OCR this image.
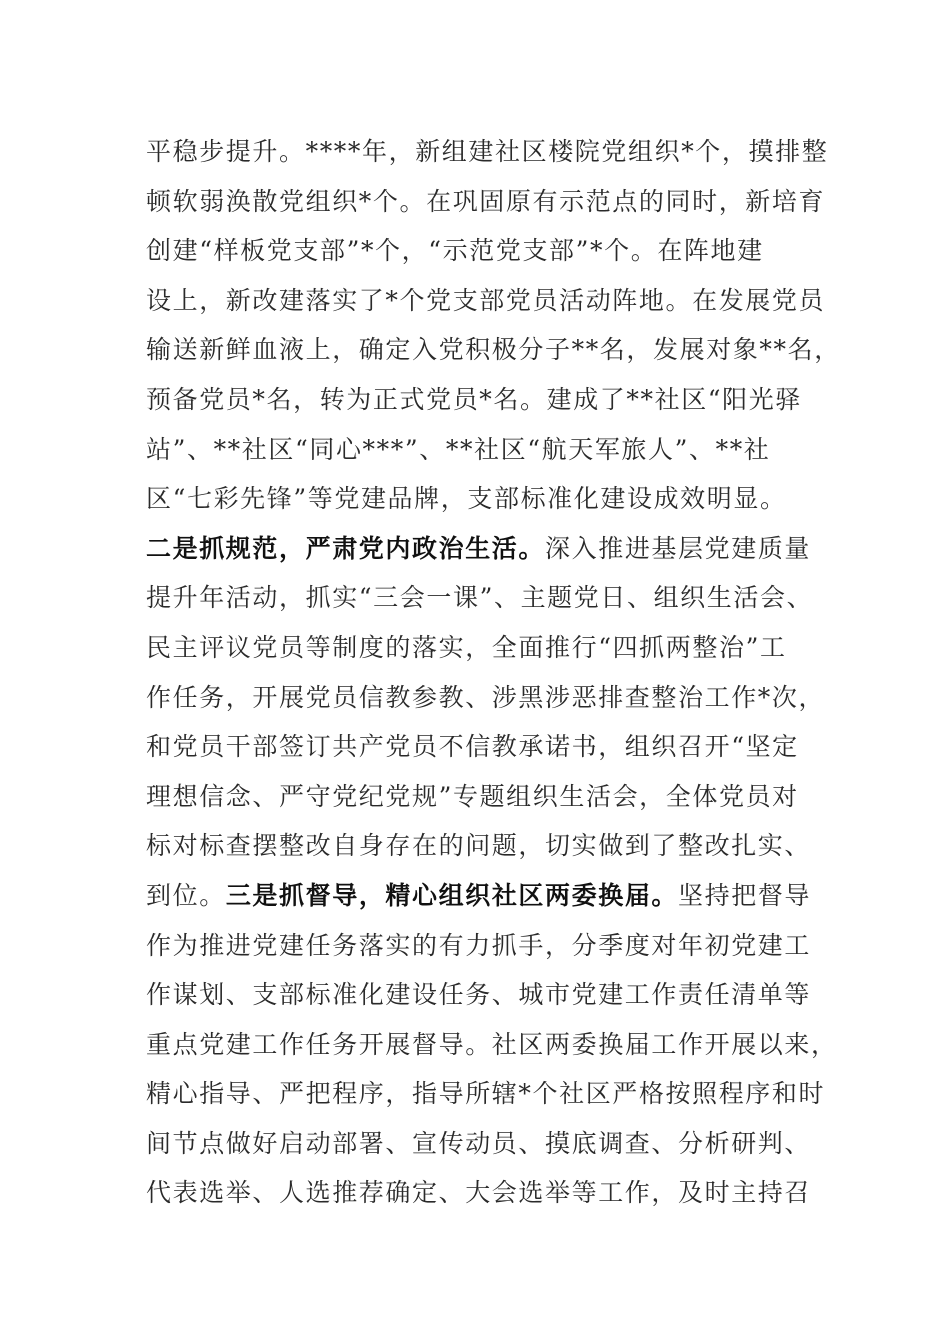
平稳步提升。****年，新组建社区楼院党组织*个，摸排整
顿软弱涣散党组织*个。在巩固原有示范点的同时，新培育
创建“样板党支部”*个，“示范党支部”*个。在阵地建
设上，新改建落实了*个党支部党员活动阵地。在发展党员
输送新鲜血液上，确定入党积极分子**名，发展对象**名，
预备党员*名，转为正式党员*名。建成了**社区“阳光驿
站”、**社区“同心***”、**社区“航天军旅人”、**社
区“七彩先锋”等党建品牌，支部标准化建设成效明显。
二是抓规范，严肃党内政治生活。深入推进基层党建质量
提升年活动，抓实“三会一课”、主题党日、组织生活会、
民主评议党员等制度的落实，全面推行“四抓两整治”工
作任务，开展党员信教参教、涉黑涉恶排查整治工作*次，
和党员干部签订共产党员不信教承诺书，组织召开“坚定
理想信念、严守党纪党规”专题组织生活会，全体党员对
标对标查摆整改自身存在的问题，切实做到了整改扎实、
到位。三是抓督导，精心组织社区两委换届。坚持把督导
作为推进党建任务落实的有力抓手，分季度对年初党建工
作谋划、支部标准化建设任务、城市党建工作责任清单等
重点党建工作任务开展督导。社区两委换届工作开展以来，
精心指导、严把程序，指导所辖*个社区严格按照程序和时
间节点做好启动部署、宣传动员、摸底调查、分析研判、
代表选举、人选推荐确定、大会选举等工作，及时主持召
